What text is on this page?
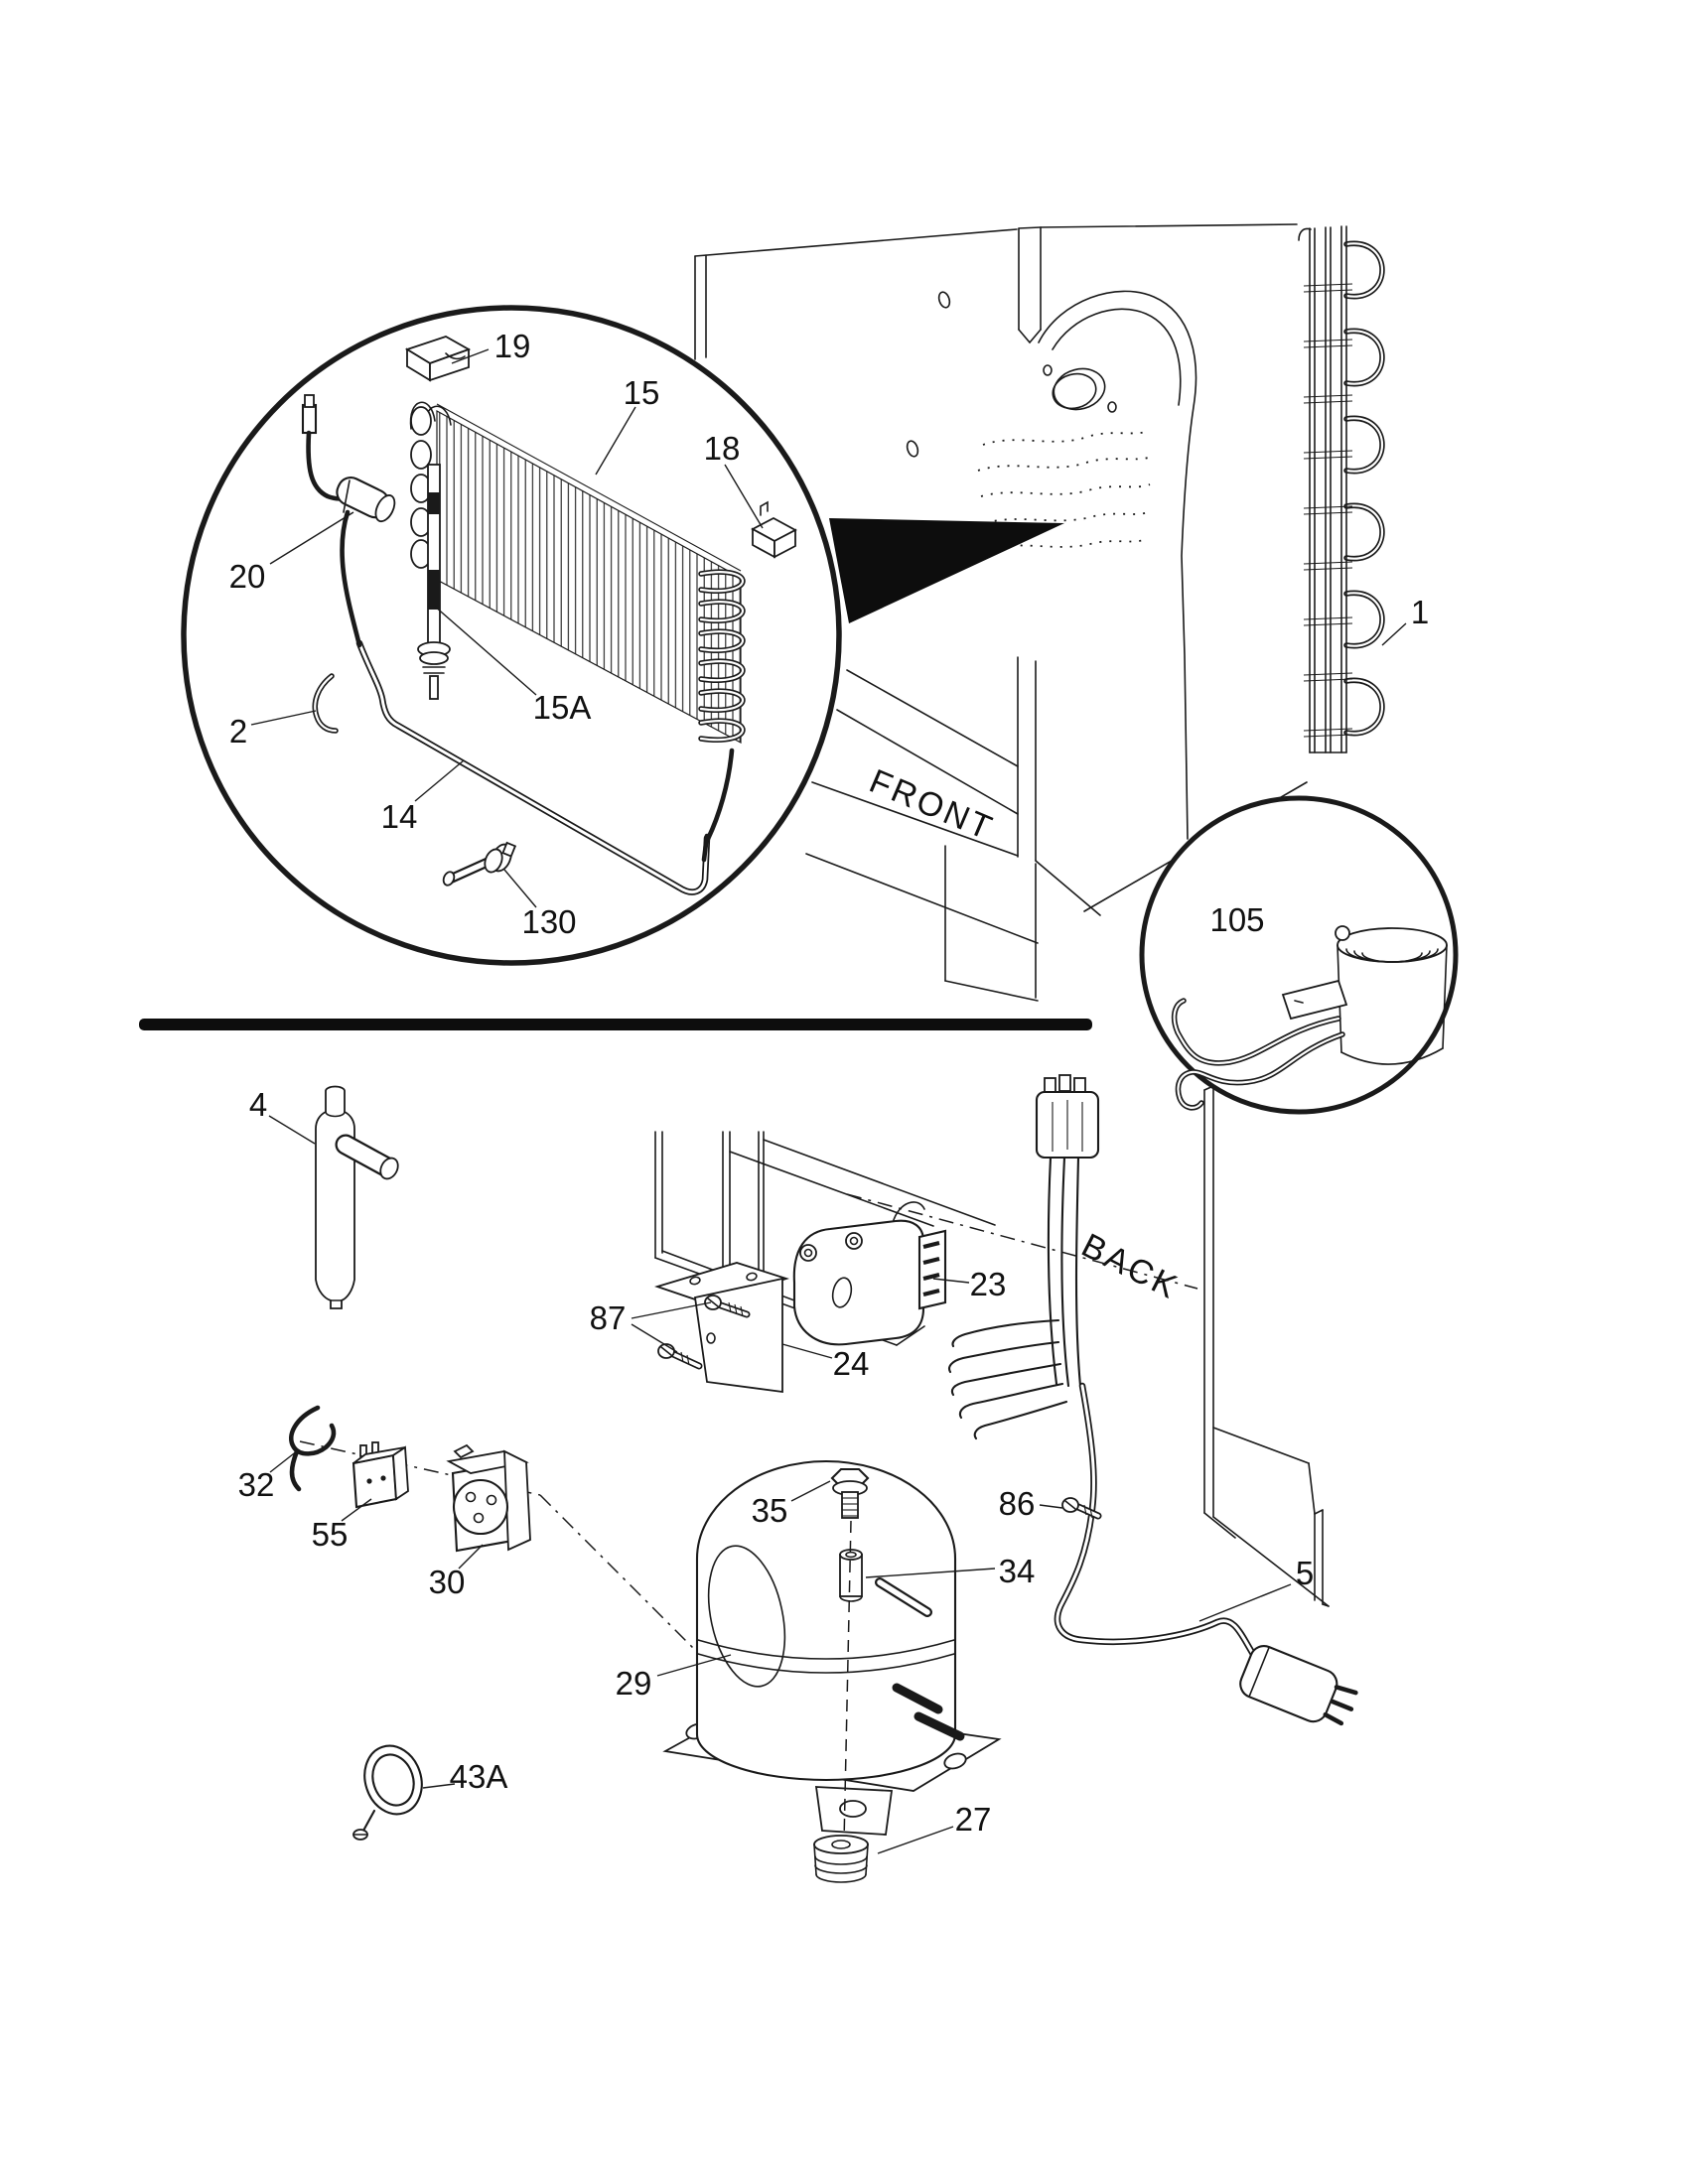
FRONT
BACK
19
15
18
20
15A
2
14
130
1
105
4
87
23
24
32
55
30
35	86
34
29
5
43A
27
